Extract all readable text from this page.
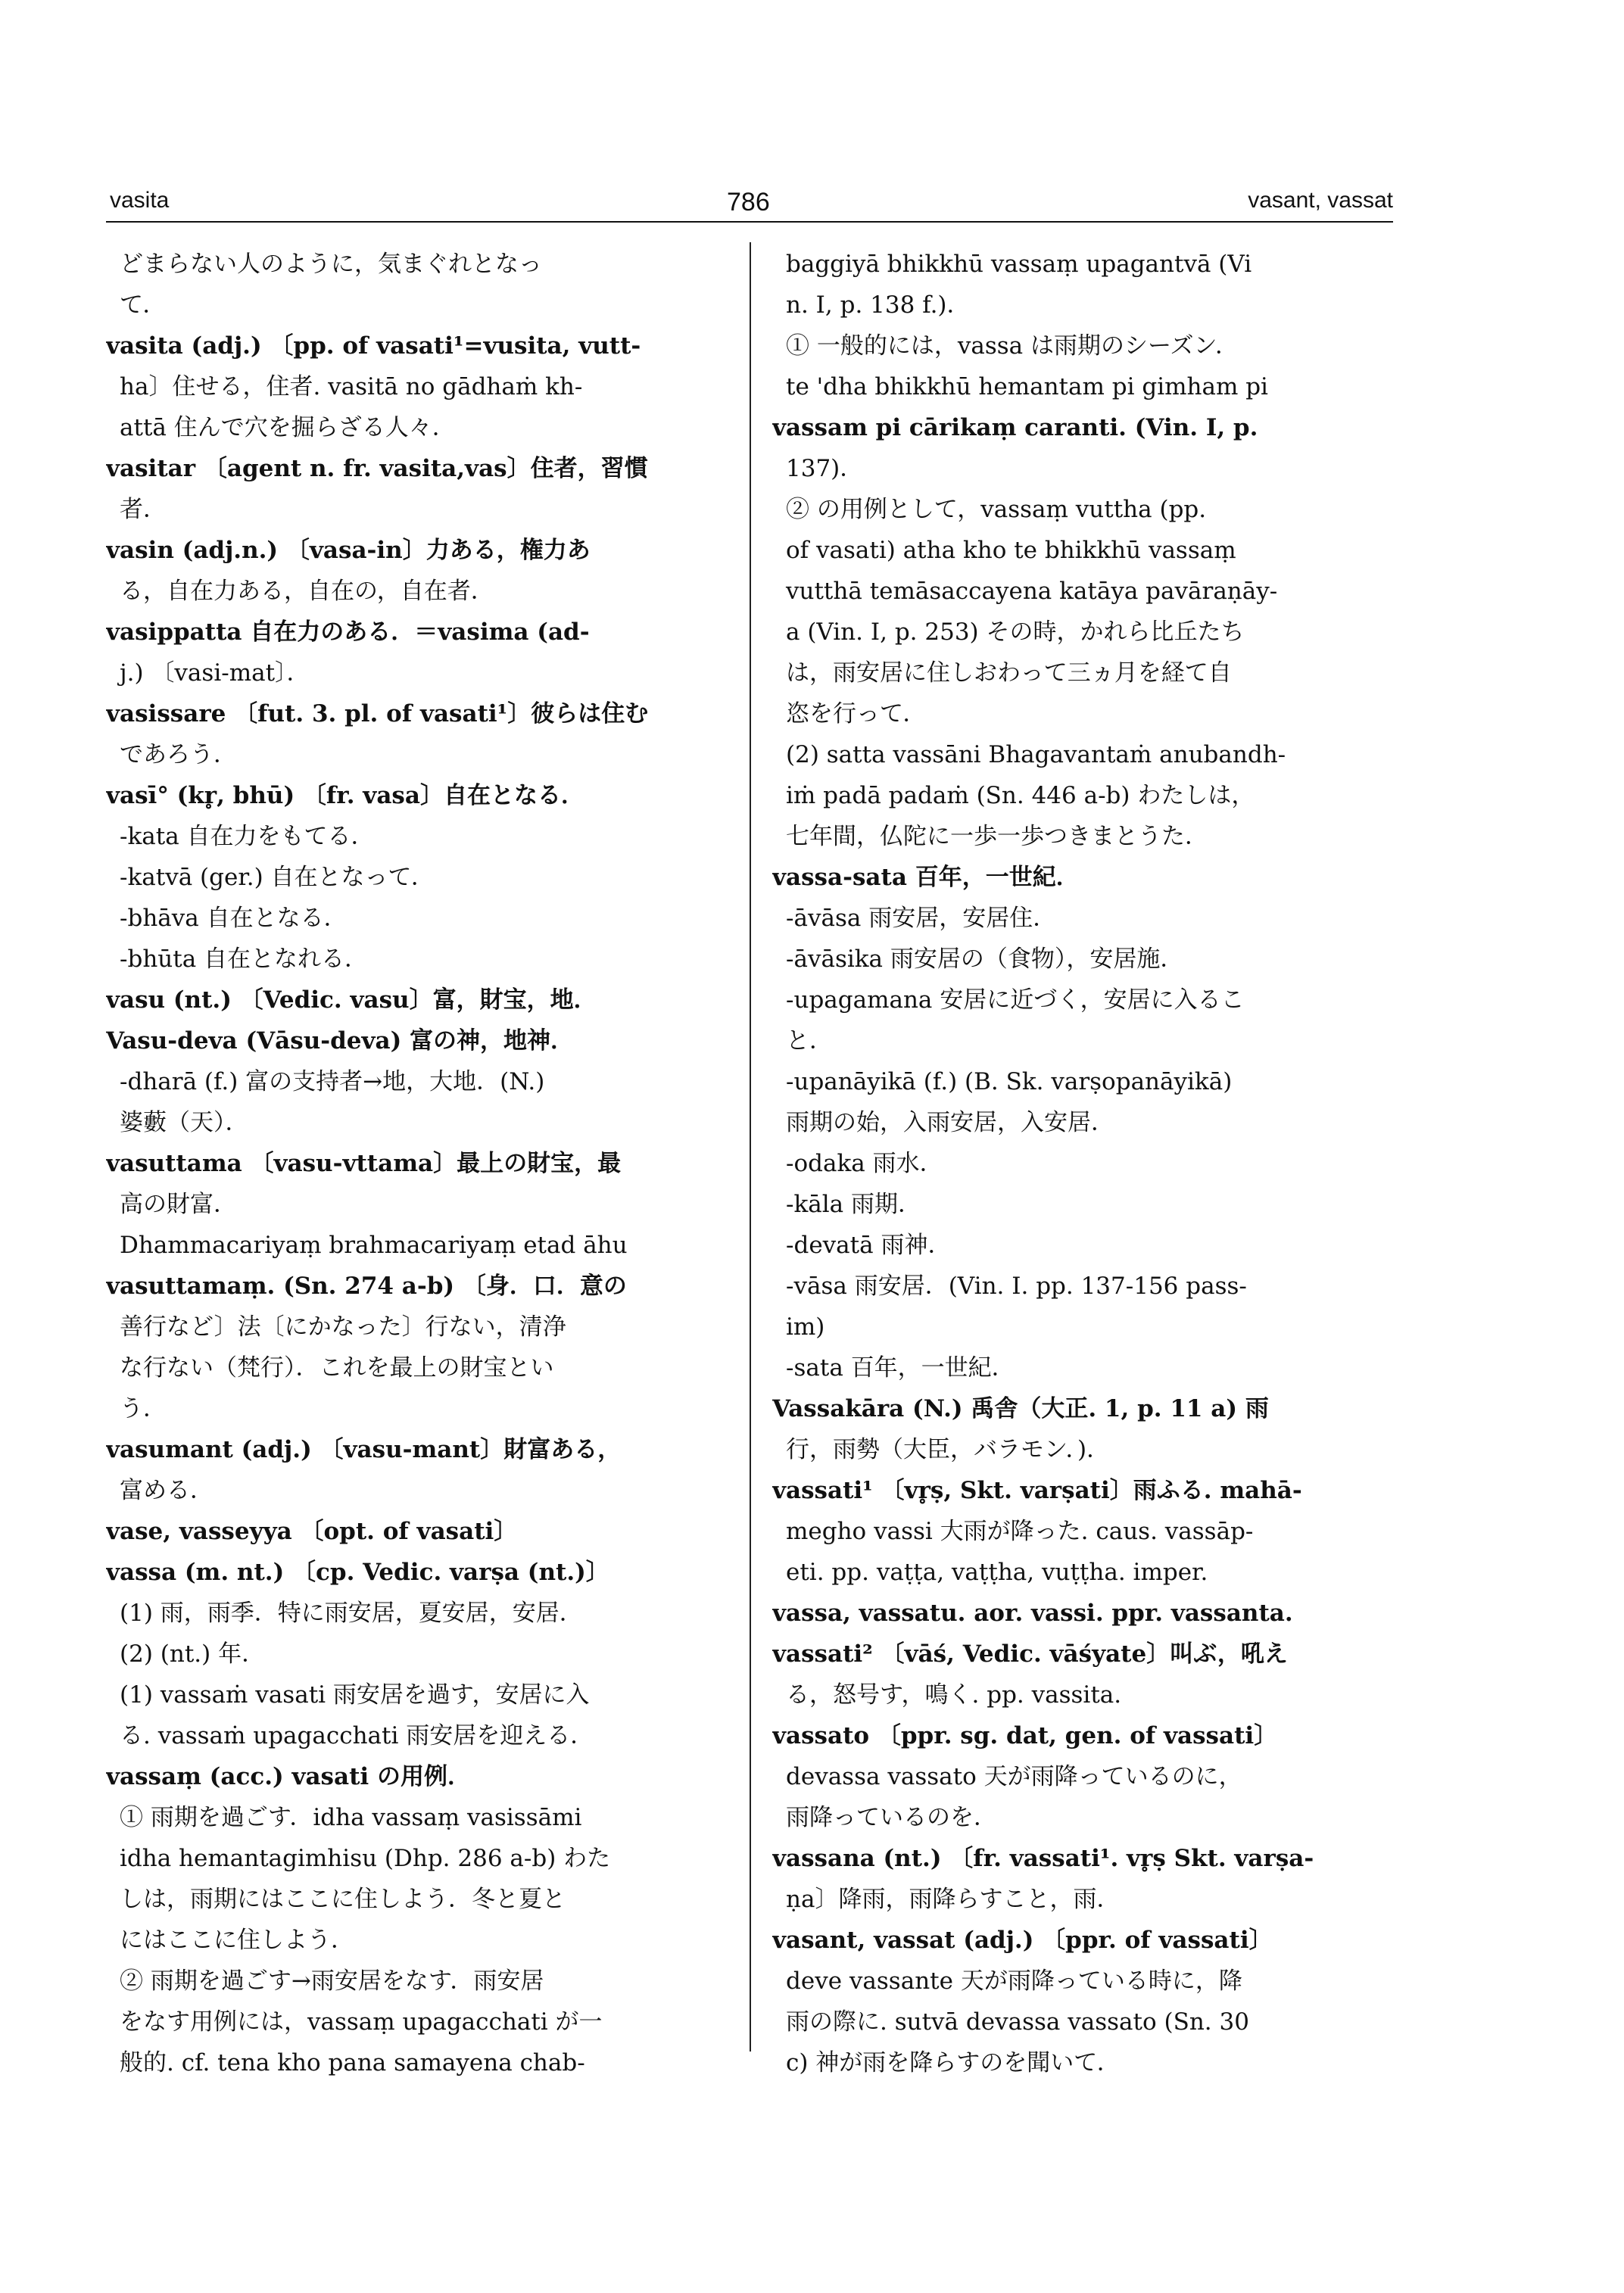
vasita	786	vasant, vassat
どまらない人のように，気まぐれとなっ
て．
vasita (adj.) 〔pp. of vasati¹=vusita, vutt-
ha〕住せる，住者. vasitā no gādhaṁ kh-
attā 住んで穴を掘らざる人々．
vasitar 〔agent n. fr. vasita,vas〕住者，習慣
者．
vasin (adj.n.) 〔vasa-in〕力ある，権力あ
る，自在力ある，自在の，自在者．
vasippatta 自在力のある．＝vasima (ad-
j.) 〔vasi-mat〕．
vasissare 〔fut. 3. pl. of vasati¹〕彼らは住む
であろう．
vasī° (kr̥, bhū) 〔fr. vasa〕自在となる．
-kata 自在力をもてる．
-katvā (ger.) 自在となって．
-bhāva 自在となる．
-bhūta 自在となれる．
vasu (nt.) 〔Vedic. vasu〕富，財宝，地．
Vasu-deva (Vāsu-deva) 富の神，地神．
-dharā (f.) 富の支持者→地，大地．(N.)
婆藪（天）．
vasuttama 〔vasu-vttama〕最上の財宝，最
高の財富．
Dhammacariyaṃ brahmacariyaṃ etad āhu
vasuttamaṃ. (Sn. 274 a-b) 〔身．口．意の
善行など〕法〔にかなった〕行ない，清浄
な行ない（梵行）．これを最上の財宝とい
う．
vasumant (adj.) 〔vasu-mant〕財富ある，
富める．
vase, vasseyya 〔opt. of vasati〕
vassa (m. nt.) 〔cp. Vedic. varṣa (nt.)〕
(1) 雨，雨季．特に雨安居，夏安居，安居．
(2) (nt.) 年．
(1) vassaṁ vasati 雨安居を過す，安居に入
る. vassaṁ upagacchati 雨安居を迎える．
vassaṃ (acc.) vasati の用例．
① 雨期を過ごす．idha vassaṃ vasissāmi
idha hemantagimhisu (Dhp. 286 a-b) わた
しは，雨期にはここに住しよう．冬と夏と
にはここに住しよう．
② 雨期を過ごす→雨安居をなす．雨安居
をなす用例には，vassaṃ upagacchati が一
般的. cf. tena kho pana samayena chab-
baggiyā bhikkhū vassaṃ upagantvā (Vi
n. I, p. 138 f.)．
① 一般的には，vassa は雨期のシーズン．
te 'dha bhikkhū hemantam pi gimham pi
vassam pi cārikaṃ caranti. (Vin. I, p.
137)．
② の用例として，vassaṃ vuttha (pp.
of vasati) atha kho te bhikkhū vassaṃ
vutthā temāsaccayena katāya pavāraṇāy-
a (Vin. I, p. 253) その時，かれら比丘たち
は，雨安居に住しおわって三ヵ月を経て自
恣を行って．
(2) satta vassāni Bhagavantaṁ anubandh-
iṁ padā padaṁ (Sn. 446 a-b) わたしは，
七年間，仏陀に一歩一歩つきまとうた．
vassa-sata 百年，一世紀．
-āvāsa 雨安居，安居住．
-āvāsika 雨安居の（食物），安居施．
-upagamana 安居に近づく，安居に入るこ
と．
-upanāyikā (f.) (B. Sk. varṣopanāyikā)
雨期の始，入雨安居，入安居．
-odaka 雨水．
-kāla 雨期．
-devatā 雨神．
-vāsa 雨安居．(Vin. I. pp. 137-156 pass-
im)
-sata 百年，一世紀．
Vassakāra (N.) 禹舎（大正. 1, p. 11 a) 雨
行，雨勢（大臣，バラモン．)．
vassati¹ 〔vr̥ṣ, Skt. varṣati〕雨ふる. mahā-
megho vassi 大雨が降った. caus. vassāp-
eti. pp. vaṭṭa, vaṭṭha, vuṭṭha. imper.
vassa, vassatu. aor. vassi. ppr. vassanta.
vassati² 〔vāś, Vedic. vāśyate〕叫ぶ，吼え
る，怒号す，鳴く. pp. vassita.
vassato 〔ppr. sg. dat, gen. of vassati〕
devassa vassato 天が雨降っているのに，
雨降っているのを．
vassana (nt.) 〔fr. vassati¹. vr̥ṣ Skt. varṣa-
ṇa〕降雨，雨降らすこと，雨．
vasant, vassat (adj.) 〔ppr. of vassati〕
deve vassante 天が雨降っている時に，降
雨の際に. sutvā devassa vassato (Sn. 30
c) 神が雨を降らすのを聞いて．
